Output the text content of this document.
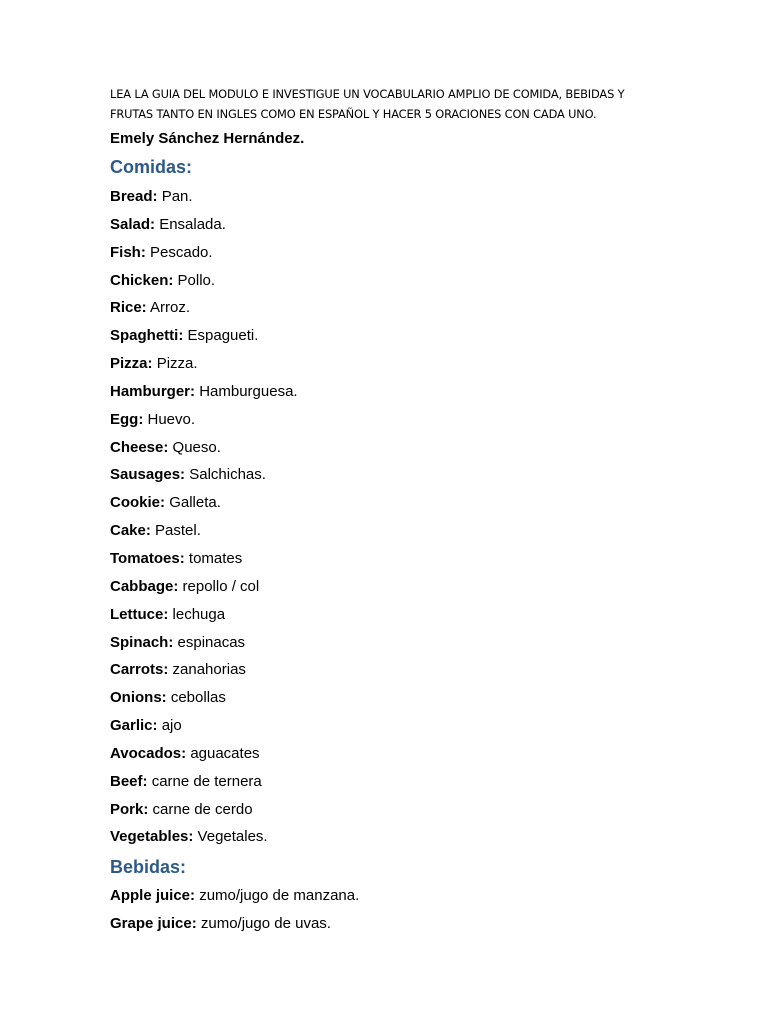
LEA LA GUIA DEL MODULO E INVESTIGUE UN VOCABULARIO AMPLIO DE COMIDA, BEBIDAS Y
FRUTAS TANTO EN INGLES COMO EN ESPAÑOL Y HACER 5 ORACIONES CON CADA UNO.
Emely Sánchez Hernández.
Comidas:
Bread: Pan.
Salad: Ensalada.
Fish: Pescado.
Chicken: Pollo.
Rice: Arroz.
Spaghetti: Espagueti.
Pizza: Pizza.
Hamburger: Hamburguesa.
Egg: Huevo.
Cheese: Queso.
Sausages: Salchichas.
Cookie: Galleta.
Cake: Pastel.
Tomatoes: tomates
Cabbage: repollo / col
Lettuce: lechuga
Spinach: espinacas
Carrots: zanahorias
Onions: cebollas
Garlic: ajo
Avocados: aguacates
Beef: carne de ternera
Pork: carne de cerdo
Vegetables: Vegetales.
Bebidas:
Apple juice: zumo/jugo de manzana.
Grape juice: zumo/jugo de uvas.
